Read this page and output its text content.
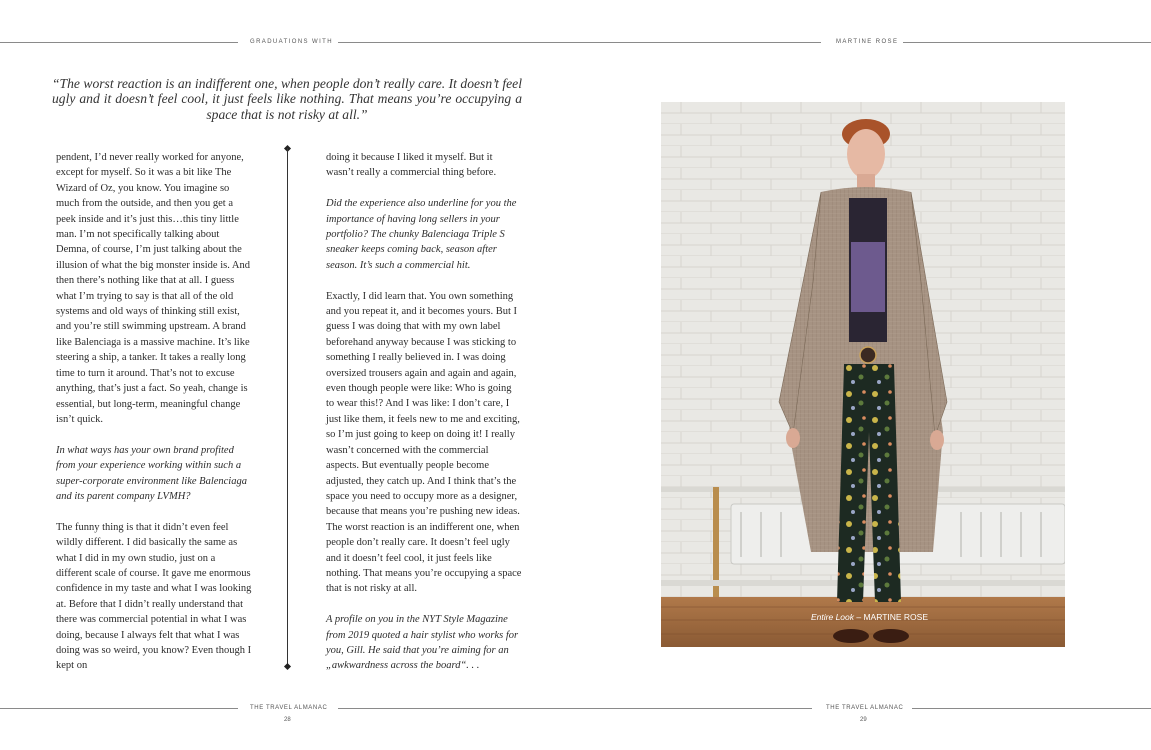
GRADUATIONS WITH	MARTINE ROSE

“The worst reaction is an indifferent one, when people don’t really care. It doesn’t feel ugly and it doesn’t feel cool, it just feels like nothing. That means you’re occupying a space that is not risky at all.”

pendent, I’d never really worked for anyone, except for myself. So it was a bit like The Wizard of Oz, you know. You imagine so much from the outside, and then you get a peek inside and it’s just this…this tiny little man. I’m not specifically talking about Demna, of course, I’m just talking about the illusion of what the big monster inside is. And then there’s nothing like that at all. I guess what I’m trying to say is that all of the old systems and old ways of thinking still exist, and you’re still swimming upstream. A brand like Balenciaga is a massive machine. It’s like steering a ship, a tanker. It takes a really long time to turn it around. That’s not to excuse anything, that’s just a fact. So yeah, change is essential, but long-term, meaningful change isn’t quick.

In what ways has your own brand profited from your experience working within such a super-corporate environment like Balenciaga and its parent company LVMH?

The funny thing is that it didn’t even feel wildly different. I did basically the same as what I did in my own studio, just on a different scale of course. It gave me enormous confidence in my taste and what I was looking at. Before that I didn’t really understand that there was commercial potential in what I was doing, because I always felt that what I was doing was so weird, you know? Even though I kept on

doing it because I liked it myself. But it wasn’t really a commercial thing before.

Did the experience also underline for you the importance of having long sellers in your portfolio? The chunky Balenciaga Triple S sneaker keeps coming back, season after season. It’s such a commercial hit.

Exactly, I did learn that. You own something and you repeat it, and it becomes yours. But I guess I was doing that with my own label beforehand anyway because I was sticking to something I really believed in. I was doing oversized trousers again and again and again, even though people were like: Who is going to wear this!? And I was like: I don’t care, I just like them, it feels new to me and exciting, so I’m just going to keep on doing it! I really wasn’t concerned with the commercial aspects. But eventually people become adjusted, they catch up. And I think that’s the space you need to occupy more as a designer, because that means you’re pushing new ideas. The worst reaction is an indifferent one, when people don’t really care. It doesn’t feel ugly and it doesn’t feel cool, it just feels like nothing. That means you’re occupying a space that is not risky at all.

A profile on you in the NYT Style Magazine from 2019 quoted a hair stylist who works for you, Gill. He said that you’re aiming for an „awkwardness across the board“. . .

Entire Look – MARTINE ROSE
THE TRAVEL ALMANAC	THE TRAVEL ALMANAC
28	29
